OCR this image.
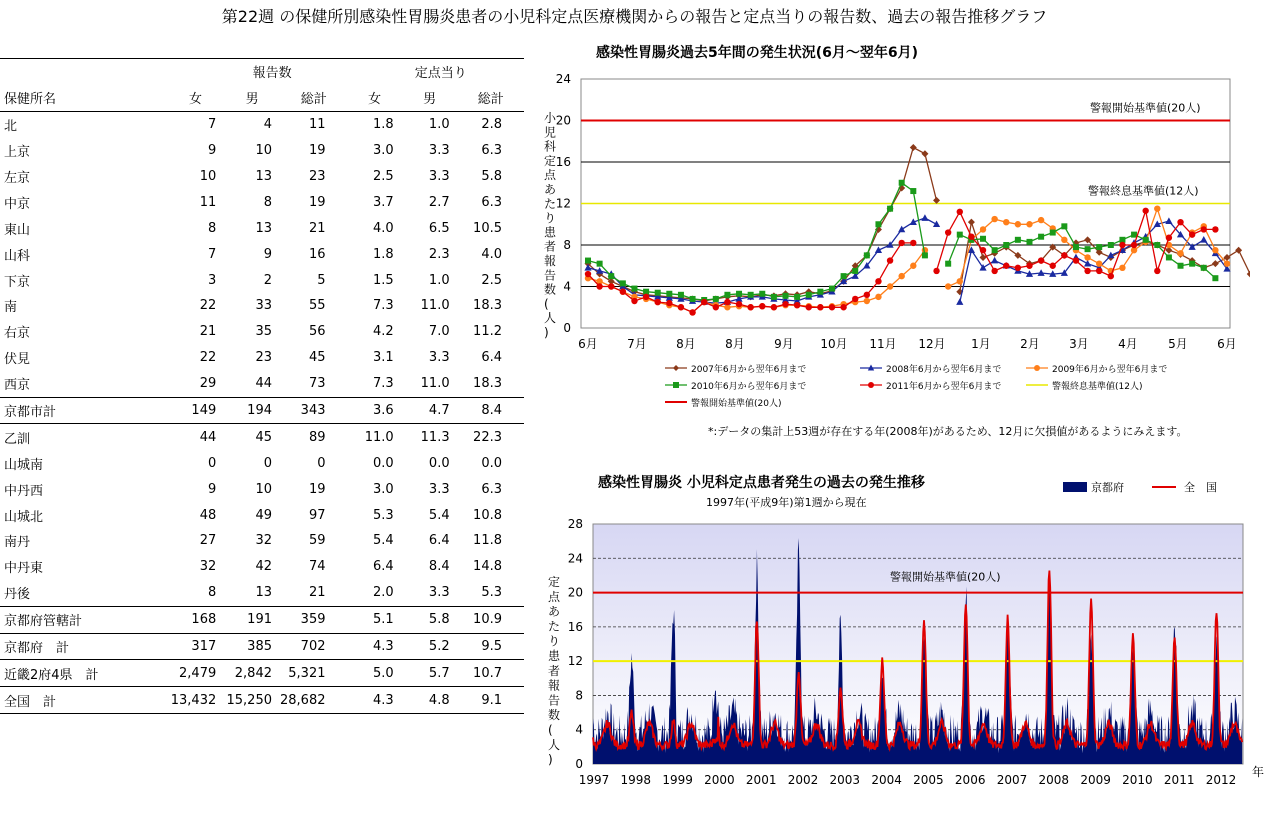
第22週 の保健所別感染性胃腸炎患者の小児科定点医療機関からの報告と定点当りの報告数、過去の報告推移グラフ
	報告数			定点当り		
保健所名	女	男	総計	女	男	総計
北	7	4	11	1.8	1.0	2.8
上京	9	10	19	3.0	3.3	6.3
左京	10	13	23	2.5	3.3	5.8
中京	11	8	19	3.7	2.7	6.3
東山	8	13	21	4.0	6.5	10.5
山科	7	9	16	1.8	2.3	4.0
下京	3	2	5	1.5	1.0	2.5
南	22	33	55	7.3	11.0	18.3
右京	21	35	56	4.2	7.0	11.2
伏見	22	23	45	3.1	3.3	6.4
西京	29	44	73	7.3	11.0	18.3
京都市計	149	194	343	3.6	4.7	8.4
乙訓	44	45	89	11.0	11.3	22.3
山城南	0	0	0	0.0	0.0	0.0
中丹西	9	10	19	3.0	3.3	6.3
山城北	48	49	97	5.3	5.4	10.8
南丹	27	32	59	5.4	6.4	11.8
中丹東	32	42	74	6.4	8.4	14.8
丹後	8	13	21	2.0	3.3	5.3
京都府管轄計	168	191	359	5.1	5.8	10.9
京都府　計	317	385	702	4.3	5.2	9.5
近畿2府4県　計	2,479	2,842	5,321	5.0	5.7	10.7
全国　計	13,432	15,250	28,682	4.3	4.8	9.1
感染性胃腸炎過去5年間の発生状況(6月～翌年6月)
0
4
8
12
16
20
24
小児科定点あたり患者報告数(人)
6月 7月 8月 8月 9月 10月 11月 12月 1月 2月 3月 4月	5月 6月
警報開始基準値(20人)
警報終息基準値(12人)
2007年6月から翌年6月まで	2008年6月から翌年6月まで	2009年6月から翌年6月まで
2010年6月から翌年6月まで	2011年6月から翌年6月まで	警報終息基準値(12人)
警報開始基準値(20人)
*:データの集計上53週が存在する年(2008年)があるため、12月に欠損値があるようにみえます。
感染性胃腸炎 小児科定点患者発生の過去の発生推移
1997年(平成9年)第1週から現在
0
4
8
12
16
20
24
28
定点あたり患者報告数(人)
1997 1998 1999 2000 2001 2002 2003 2004 2005 2006 2007 2008 2009 2010 2011 2012
年
警報開始基準値(20人)
京都府	全　国
